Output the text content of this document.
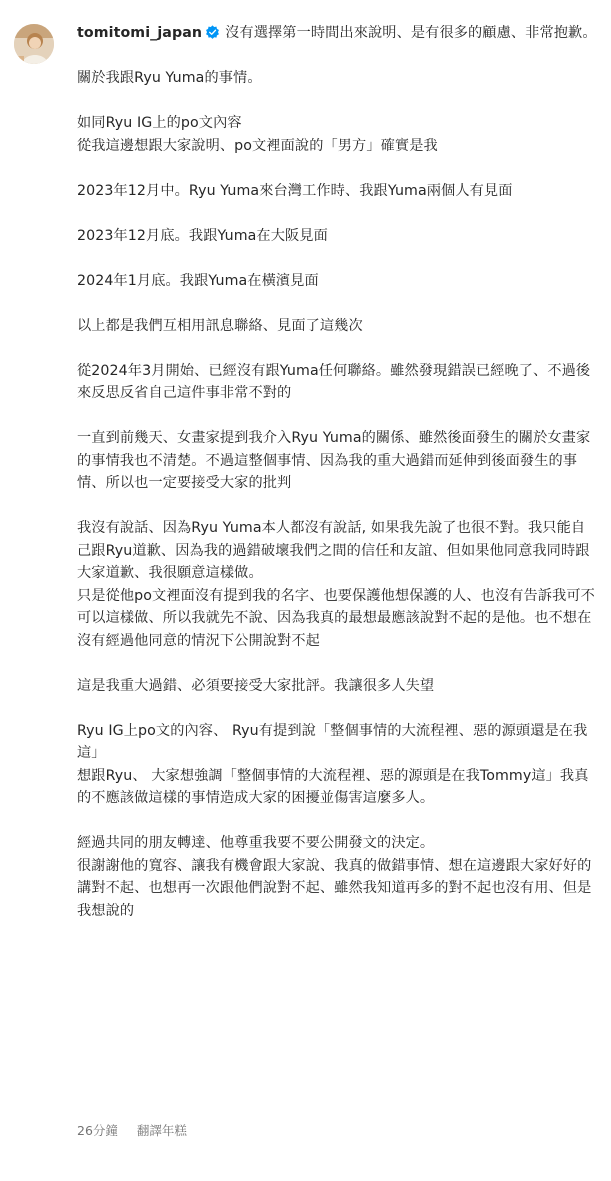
tomitomi_japan 沒有選擇第一時間出來說明、是有很多的顧慮、非常抱歉。

關於我跟Ryu Yuma的事情。

如同Ryu IG上的po文內容
從我這邊想跟大家說明、po文裡面說的「男方」確實是我

2023年12月中。Ryu Yuma來台灣工作時、我跟Yuma兩個人有見面

2023年12月底。我跟Yuma在大阪見面

2024年1月底。我跟Yuma在橫濱見面

以上都是我們互相用訊息聯絡、見面了這幾次

從2024年3月開始、已經沒有跟Yuma任何聯絡。雖然發現錯誤已經晚了、不過後來反思反省自己這件事非常不對的

一直到前幾天、女畫家提到我介入Ryu Yuma的關係、雖然後面發生的關於女畫家的事情我也不清楚。不過這整個事情、因為我的重大過錯而延伸到後面發生的事情、所以也一定要接受大家的批判

我沒有說話、因為Ryu Yuma本人都沒有說話, 如果我先說了也很不對。我只能自己跟Ryu道歉、因為我的過錯破壞我們之間的信任和友誼、但如果他同意我同時跟大家道歉、我很願意這樣做。
只是從他po文裡面沒有提到我的名字、也要保護他想保護的人、也沒有告訴我可不可以這樣做、所以我就先不說、因為我真的最想最應該說對不起的是他。也不想在沒有經過他同意的情況下公開說對不起

這是我重大過錯、必須要接受大家批評。我讓很多人失望

Ryu IG上po文的內容、 Ryu有提到說「整個事情的大流程裡、惡的源頭還是在我這」
想跟Ryu、 大家想強調「整個事情的大流程裡、惡的源頭是在我Tommy這」我真的不應該做這樣的事情造成大家的困擾並傷害這麼多人。

經過共同的朋友轉達、他尊重我要不要公開發文的決定。
很謝謝他的寬容、讓我有機會跟大家說、我真的做錯事情、想在這邊跟大家好好的講對不起、也想再一次跟他們說對不起、雖然我知道再多的對不起也沒有用、但是我想說的

26分鐘 翻譯年糕
